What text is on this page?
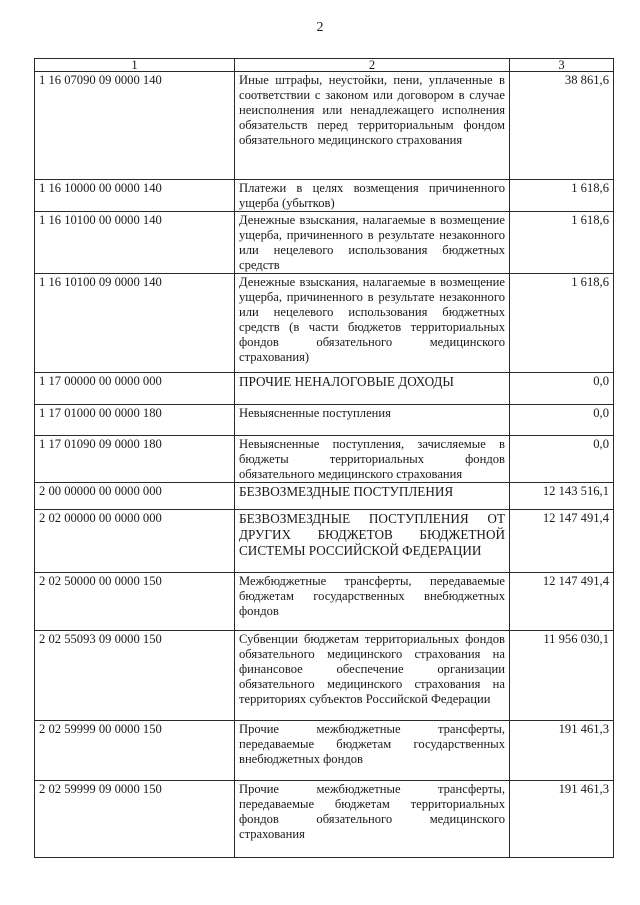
2
1	2	3
1 16 07090 09 0000 140	Иные штрафы, неустойки, пени, уплаченные в соответствии с законом или договором в случае неисполнения или ненадлежащего исполнения обязательств перед территориальным фондом обязательного медицинского страхования	38 861,6
1 16 10000 00 0000 140	Платежи в целях возмещения причиненного ущерба (убытков)	1 618,6
1 16 10100 00 0000 140	Денежные взыскания, налагаемые в возмещение ущерба, причиненного в результате незаконного или нецелевого использования бюджетных средств	1 618,6
1 16 10100 09 0000 140	Денежные взыскания, налагаемые в возмещение ущерба, причиненного в результате незаконного или нецелевого использования бюджетных средств (в части бюджетов территориальных фондов обязательного медицинского страхования)	1 618,6
1 17 00000 00 0000 000	ПРОЧИЕ НЕНАЛОГОВЫЕ ДОХОДЫ	0,0
1 17 01000 00 0000 180	Невыясненные поступления	0,0
1 17 01090 09 0000 180	Невыясненные поступления, зачисляемые в бюджеты территориальных фондов обязательного медицинского страхования	0,0
2 00 00000 00 0000 000	БЕЗВОЗМЕЗДНЫЕ ПОСТУПЛЕНИЯ	12 143 516,1
2 02 00000 00 0000 000	БЕЗВОЗМЕЗДНЫЕ ПОСТУПЛЕНИЯ ОТ ДРУГИХ БЮДЖЕТОВ БЮДЖЕТНОЙ СИСТЕМЫ РОССИЙСКОЙ ФЕДЕРАЦИИ	12 147 491,4
2 02 50000 00 0000 150	Межбюджетные трансферты, передаваемые бюджетам государственных внебюджетных фондов	12 147 491,4
2 02 55093 09 0000 150	Субвенции бюджетам территориальных фондов обязательного медицинского страхования на финансовое обеспечение организации обязательного медицинского страхования на территориях субъектов Российской Федерации	11 956 030,1
2 02 59999 00 0000 150	Прочие межбюджетные трансферты, передаваемые бюджетам государственных внебюджетных фондов	191 461,3
2 02 59999 09 0000 150	Прочие межбюджетные трансферты, передаваемые бюджетам территориальных фондов обязательного медицинского страхования	191 461,3
